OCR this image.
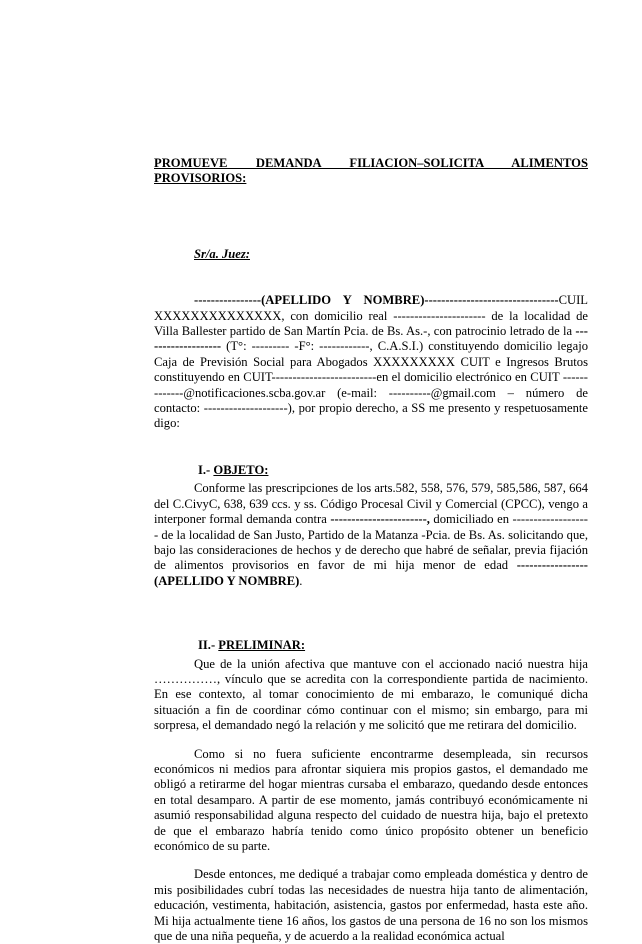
PROMUEVE DEMANDA FILIACION–SOLICITA ALIMENTOS
PROVISORIOS:

Sr/a. Juez:

----------------(APELLIDO Y NOMBRE)--------------------------------CUIL XXXXXXXXXXXXXX, con domicilio real ---------------------- de la localidad de Villa Ballester partido de San Martín Pcia. de Bs. As.-, con patrocinio letrado de la ------------------- (T°: --------- -F°: ------------, C.A.S.I.) constituyendo domicilio legajo Caja de Previsión Social para Abogados XXXXXXXXX CUIT e Ingresos Brutos constituyendo en CUIT-------------------------en el domicilio electrónico en CUIT -------------@notificaciones.scba.gov.ar (e-mail: ----------@gmail.com – número de contacto: --------------------), por propio derecho, a SS me presento y respetuosamente digo:

I.- OBJETO:

Conforme las prescripciones de los arts.582, 558, 576, 579, 585,586, 587, 664 del C.CivyC, 638, 639 ccs. y ss. Código Procesal Civil y Comercial (CPCC), vengo a interponer formal demanda contra -----------------------, domiciliado en ------------------ - de la localidad de San Justo, Partido de la Matanza -Pcia. de Bs. As. solicitando que, bajo las consideraciones de hechos y de derecho que habré de señalar, previa fijación de alimentos provisorios en favor de mi hija menor de edad -----------------(APELLIDO Y NOMBRE).

II.- PRELIMINAR:

Que de la unión afectiva que mantuve con el accionado nació nuestra hija ……………, vínculo que se acredita con la correspondiente partida de nacimiento. En ese contexto, al tomar conocimiento de mi embarazo, le comuniqué dicha situación a fin de coordinar cómo continuar con el mismo; sin embargo, para mi sorpresa, el demandado negó la relación y me solicitó que me retirara del domicilio.

Como si no fuera suficiente encontrarme desempleada, sin recursos económicos ni medios para afrontar siquiera mis propios gastos, el demandado me obligó a retirarme del hogar mientras cursaba el embarazo, quedando desde entonces en total desamparo. A partir de ese momento, jamás contribuyó económicamente ni asumió responsabilidad alguna respecto del cuidado de nuestra hija, bajo el pretexto de que el embarazo habría tenido como único propósito obtener un beneficio económico de su parte.

Desde entonces, me dediqué a trabajar como empleada doméstica y dentro de mis posibilidades cubrí todas las necesidades de nuestra hija tanto de alimentación, educación, vestimenta, habitación, asistencia, gastos por enfermedad, hasta este año. Mi hija actualmente tiene 16 años, los gastos de una persona de 16 no son los mismos que de una niña pequeña, y de acuerdo a la realidad económica actual
